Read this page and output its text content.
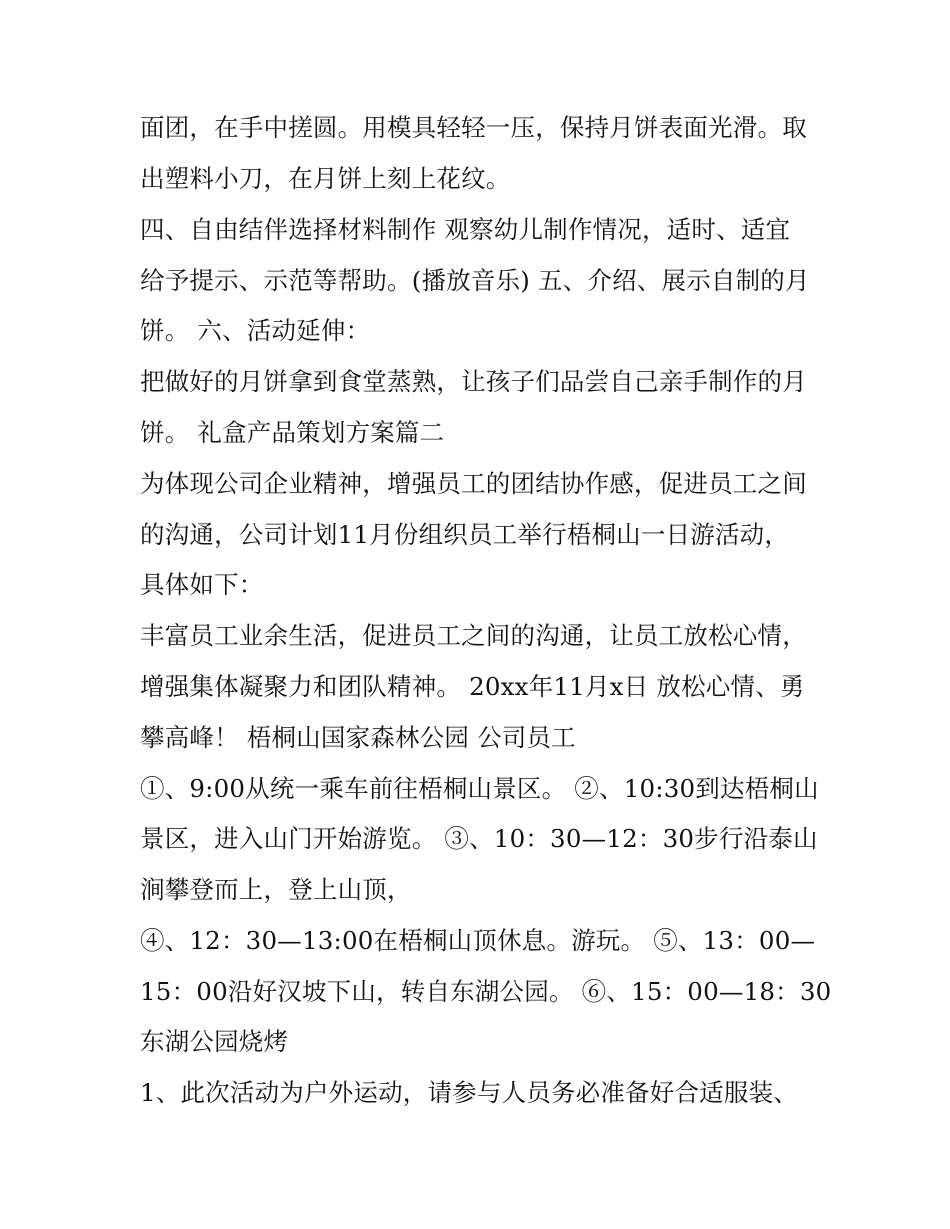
面团，在手中搓圆。用模具轻轻一压，保持月饼表面光滑。取
出塑料小刀，在月饼上刻上花纹。
四、自由结伴选择材料制作 观察幼儿制作情况，适时、适宜
给予提示、示范等帮助。(播放音乐) 五、介绍、展示自制的月
饼。 六、活动延伸：
把做好的月饼拿到食堂蒸熟，让孩子们品尝自己亲手制作的月
饼。 礼盒产品策划方案篇二
为体现公司企业精神，增强员工的团结协作感，促进员工之间
的沟通，公司计划11月份组织员工举行梧桐山一日游活动，
具体如下：
丰富员工业余生活，促进员工之间的沟通，让员工放松心情，
增强集体凝聚力和团队精神。 20xx年11月x日 放松心情、勇
攀高峰！ 梧桐山国家森林公园 公司员工
①、9:00从统一乘车前往梧桐山景区。 ②、10:30到达梧桐山
景区，进入山门开始游览。 ③、10：30—12：30步行沿泰山
涧攀登而上，登上山顶，
④、12：30—13:00在梧桐山顶休息。游玩。 ⑤、13：00—
15：00沿好汉坡下山，转自东湖公园。 ⑥、15：00—18：30
东湖公园烧烤
1、此次活动为户外运动，请参与人员务必准备好合适服装、
